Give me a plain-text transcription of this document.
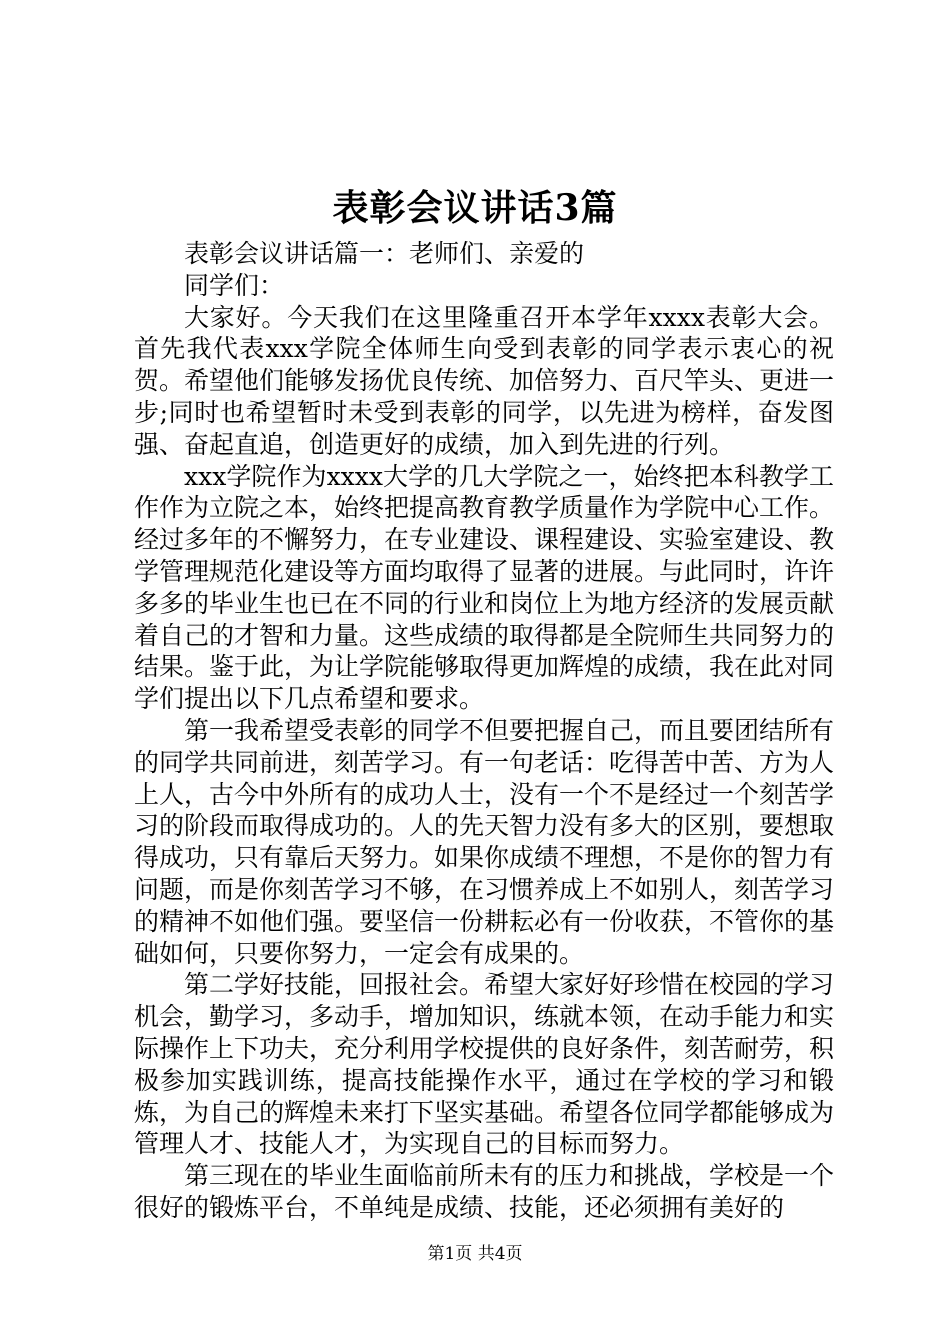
表彰会议讲话3篇

表彰会议讲话篇一：老师们、亲爱的

同学们：

大家好。今天我们在这里隆重召开本学年xxxx表彰大会。首先我代表xxx学院全体师生向受到表彰的同学表示衷心的祝贺。希望他们能够发扬优良传统、加倍努力、百尺竿头、更进一步;同时也希望暂时未受到表彰的同学，以先进为榜样，奋发图强、奋起直追，创造更好的成绩，加入到先进的行列。

xxx学院作为xxxx大学的几大学院之一，始终把本科教学工作作为立院之本，始终把提高教育教学质量作为学院中心工作。经过多年的不懈努力，在专业建设、课程建设、实验室建设、教学管理规范化建设等方面均取得了显著的进展。与此同时，许许多多的毕业生也已在不同的行业和岗位上为地方经济的发展贡献着自己的才智和力量。这些成绩的取得都是全院师生共同努力的结果。鉴于此，为让学院能够取得更加辉煌的成绩，我在此对同学们提出以下几点希望和要求。

第一我希望受表彰的同学不但要把握自己，而且要团结所有的同学共同前进，刻苦学习。有一句老话：吃得苦中苦、方为人上人，古今中外所有的成功人士，没有一个不是经过一个刻苦学习的阶段而取得成功的。人的先天智力没有多大的区别，要想取得成功，只有靠后天努力。如果你成绩不理想，不是你的智力有问题，而是你刻苦学习不够，在习惯养成上不如别人，刻苦学习的精神不如他们强。要坚信一份耕耘必有一份收获，不管你的基础如何，只要你努力，一定会有成果的。

第二学好技能，回报社会。希望大家好好珍惜在校园的学习机会，勤学习，多动手，增加知识，练就本领，在动手能力和实际操作上下功夫，充分利用学校提供的良好条件，刻苦耐劳，积极参加实践训练，提高技能操作水平，通过在学校的学习和锻炼，为自己的辉煌未来打下坚实基础。希望各位同学都能够成为管理人才、技能人才，为实现自己的目标而努力。

第三现在的毕业生面临前所未有的压力和挑战，学校是一个很好的锻炼平台，不单纯是成绩、技能，还必须拥有美好的

第1页 共4页
